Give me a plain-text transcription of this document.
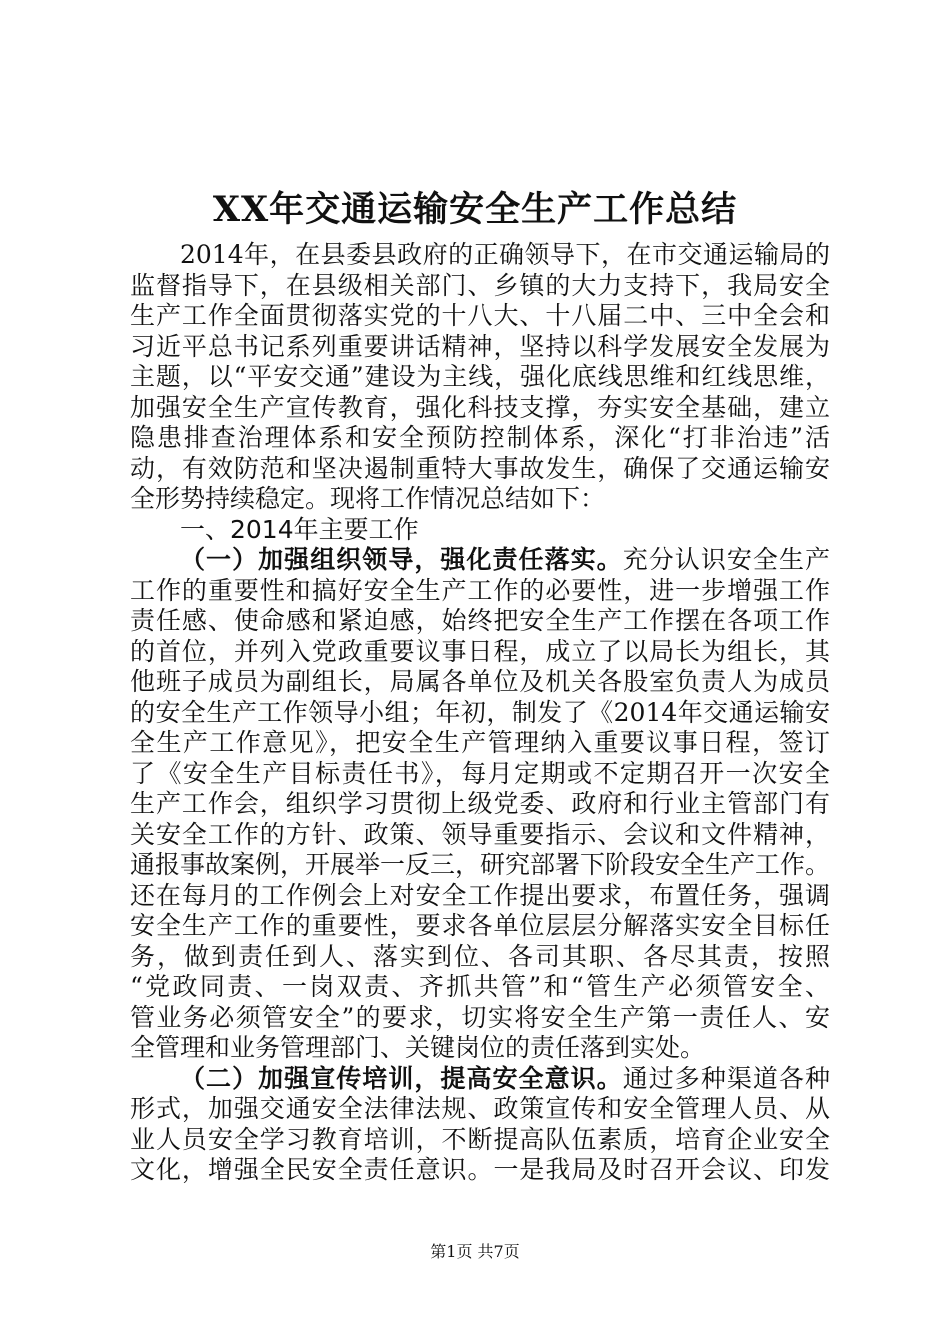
XX年交通运输安全生产工作总结
2014年，在县委县政府的正确领导下，在市交通运输局的
监督指导下，在县级相关部门、乡镇的大力支持下，我局安全
生产工作全面贯彻落实党的十八大、十八届二中、三中全会和
习近平总书记系列重要讲话精神，坚持以科学发展安全发展为
主题，以“平安交通”建设为主线，强化底线思维和红线思维，
加强安全生产宣传教育，强化科技支撑，夯实安全基础，建立
隐患排查治理体系和安全预防控制体系，深化“打非治违”活
动，有效防范和坚决遏制重特大事故发生，确保了交通运输安
全形势持续稳定。现将工作情况总结如下：
一、2014年主要工作
（一）加强组织领导，强化责任落实。充分认识安全生产
工作的重要性和搞好安全生产工作的必要性，进一步增强工作
责任感、使命感和紧迫感，始终把安全生产工作摆在各项工作
的首位，并列入党政重要议事日程，成立了以局长为组长，其
他班子成员为副组长，局属各单位及机关各股室负责人为成员
的安全生产工作领导小组；年初，制发了《2014年交通运输安
全生产工作意见》，把安全生产管理纳入重要议事日程，签订
了《安全生产目标责任书》，每月定期或不定期召开一次安全
生产工作会，组织学习贯彻上级党委、政府和行业主管部门有
关安全工作的方针、政策、领导重要指示、会议和文件精神，
通报事故案例，开展举一反三，研究部署下阶段安全生产工作。
还在每月的工作例会上对安全工作提出要求，布置任务，强调
安全生产工作的重要性，要求各单位层层分解落实安全目标任
务，做到责任到人、落实到位、各司其职、各尽其责，按照
“党政同责、一岗双责、齐抓共管”和“管生产必须管安全、
管业务必须管安全”的要求，切实将安全生产第一责任人、安
全管理和业务管理部门、关键岗位的责任落到实处。
（二）加强宣传培训，提高安全意识。通过多种渠道各种
形式，加强交通安全法律法规、政策宣传和安全管理人员、从
业人员安全学习教育培训，不断提高队伍素质，培育企业安全
文化，增强全民安全责任意识。一是我局及时召开会议、印发
第1页 共7页
